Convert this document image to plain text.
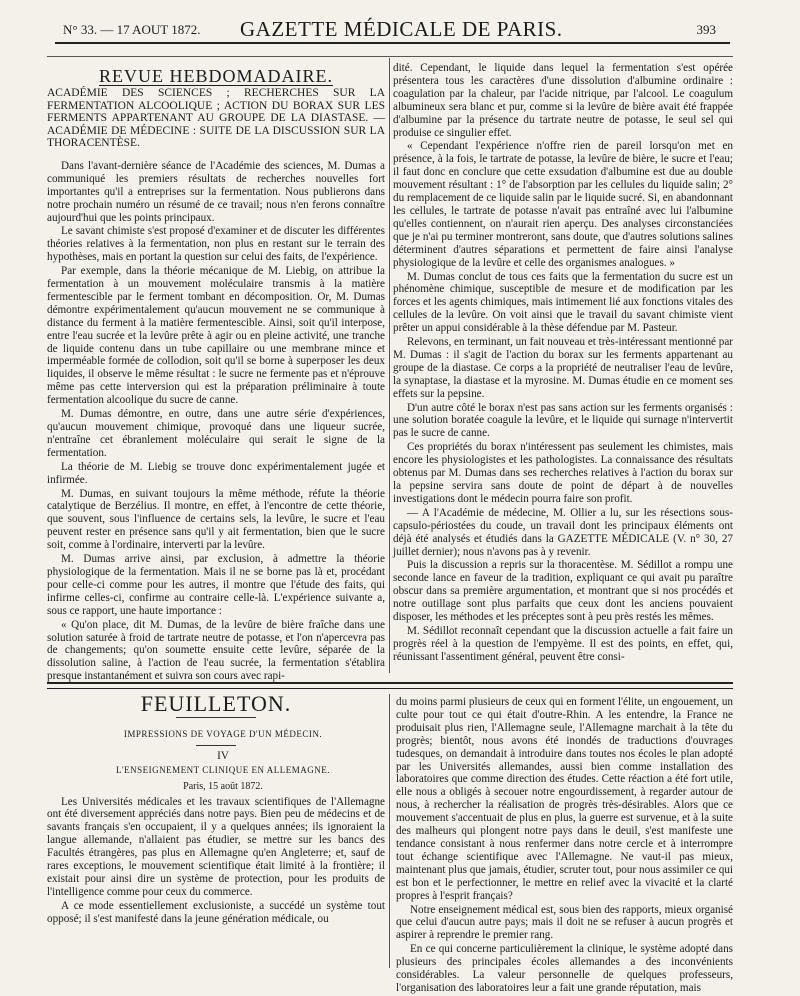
N° 33. — 17 AOUT 1872. GAZETTE MÉDICALE DE PARIS.	393
REVUE HEBDOMADAIRE.
ACADÉMIE DES SCIENCES ; RECHERCHES SUR LA FERMENTATION ALCOOLIQUE ; ACTION DU BORAX SUR LES FERMENTS APPARTENANT AU GROUPE DE LA DIASTASE. — ACADÉMIE DE MÉDECINE : SUITE DE LA DISCUSSION SUR LA THORACENTÈSE.

Dans l'avant-dernière séance de l'Académie des sciences, M. Dumas a communiqué les premiers résultats de recherches nouvelles fort importantes qu'il a entreprises sur la fermentation. Nous publierons dans notre prochain numéro un résumé de ce travail; nous n'en ferons connaître aujourd'hui que les points principaux.

Le savant chimiste s'est proposé d'examiner et de discuter les différentes théories relatives à la fermentation, non plus en restant sur le terrain des hypothèses, mais en portant la question sur celui des faits, de l'expérience.

Par exemple, dans la théorie mécanique de M. Liebig, on attribue la fermentation à un mouvement moléculaire transmis à la matière fermentescible par le ferment tombant en décomposition. Or, M. Dumas démontre expérimentalement qu'aucun mouvement ne se communique à distance du ferment à la matière fermentescible. Ainsi, soit qu'il interpose, entre l'eau sucrée et la levûre prête à agir ou en pleine activité, une tranche de liquide contenu dans un tube capillaire ou une membrane mince et imperméable formée de collodion, soit qu'il se borne à superposer les deux liquides, il observe le même résultat : le sucre ne fermente pas et n'éprouve même pas cette interversion qui est la préparation préliminaire à toute fermentation alcoolique du sucre de canne.

M. Dumas démontre, en outre, dans une autre série d'expériences, qu'aucun mouvement chimique, provoqué dans une liqueur sucrée, n'entraîne cet ébranlement moléculaire qui serait le signe de la fermentation.

La théorie de M. Liebig se trouve donc expérimentalement jugée et infirmée.

M. Dumas, en suivant toujours la même méthode, réfute la théorie catalytique de Berzélius. Il montre, en effet, à l'encontre de cette théorie, que souvent, sous l'influence de certains sels, la levûre, le sucre et l'eau peuvent rester en présence sans qu'il y ait fermentation, bien que le sucre soit, comme à l'ordinaire, interverti par la levûre.

M. Dumas arrive ainsi, par exclusion, à admettre la théorie physiologique de la fermentation. Mais il ne se borne pas là et, procédant pour celle-ci comme pour les autres, il montre que l'étude des faits, qui infirme celles-ci, confirme au contraire celle-là. L'expérience suivante a, sous ce rapport, une haute importance :

« Qu'on place, dit M. Dumas, de la levûre de bière fraîche dans une solution saturée à froid de tartrate neutre de potasse, et l'on n'apercevra pas de changements; qu'on soumette ensuite cette levûre, séparée de la dissolution saline, à l'action de l'eau sucrée, la fermentation s'établira presque instantanément et suivra son cours avec rapi-

dité. Cependant, le liquide dans lequel la fermentation s'est opérée présentera tous les caractères d'une dissolution d'albumine ordinaire : coagulation par la chaleur, par l'acide nitrique, par l'alcool. Le coagulum albumineux sera blanc et pur, comme si la levûre de bière avait été frappée d'albumine par la présence du tartrate neutre de potasse, le seul sel qui produise ce singulier effet.

« Cependant l'expérience n'offre rien de pareil lorsqu'on met en présence, à la fois, le tartrate de potasse, la levûre de bière, le sucre et l'eau; il faut donc en conclure que cette exsudation d'albumine est due au double mouvement résultant : 1° de l'absorption par les cellules du liquide salin; 2° du remplacement de ce liquide salin par le liquide sucré. Si, en abandonnant les cellules, le tartrate de potasse n'avait pas entraîné avec lui l'albumine qu'elles contiennent, on n'aurait rien aperçu. Des analyses circonstanciées que je n'ai pu terminer montreront, sans doute, que d'autres solutions salines déterminent d'autres séparations et permettent de faire ainsi l'analyse physiologique de la levûre et celle des organismes analogues. »

M. Dumas conclut de tous ces faits que la fermentation du sucre est un phénomène chimique, susceptible de mesure et de modification par les forces et les agents chimiques, mais intimement lié aux fonctions vitales des cellules de la levûre. On voit ainsi que le travail du savant chimiste vient prêter un appui considérable à la thèse défendue par M. Pasteur.

Relevons, en terminant, un fait nouveau et très-intéressant mentionné par M. Dumas : il s'agit de l'action du borax sur les ferments appartenant au groupe de la diastase. Ce corps a la propriété de neutraliser l'eau de levûre, la synaptase, la diastase et la myrosine. M. Dumas étudie en ce moment ses effets sur la pepsine.

D'un autre côté le borax n'est pas sans action sur les ferments organisés : une solution boratée coagule la levûre, et le liquide qui surnage n'intervertit pas le sucre de canne.

Ces propriétés du borax n'intéressent pas seulement les chimistes, mais encore les physiologistes et les pathologistes. La connaissance des résultats obtenus par M. Dumas dans ses recherches relatives à l'action du borax sur la pepsine servira sans doute de point de départ à de nouvelles investigations dont le médecin pourra faire son profit.

— A l'Académie de médecine, M. Ollier a lu, sur les résections sous-capsulo-périostées du coude, un travail dont les principaux éléments ont déjà été analysés et étudiés dans la GAZETTE MÉDICALE (V. n° 30, 27 juillet dernier); nous n'avons pas à y revenir.

Puis la discussion a repris sur la thoracentèse. M. Sédillot a rompu une seconde lance en faveur de la tradition, expliquant ce qui avait pu paraître obscur dans sa première argumentation, et montrant que si nos procédés et notre outillage sont plus parfaits que ceux dont les anciens pouvaient disposer, les méthodes et les préceptes sont à peu près restés les mêmes.

M. Sédillot reconnaît cependant que la discussion actuelle a fait faire un progrès réel à la question de l'empyème. Il est des points, en effet, qui, réunissant l'assentiment général, peuvent être consi-

FEUILLETON.

IMPRESSIONS DE VOYAGE D'UN MÉDECIN.

IV

L'ENSEIGNEMENT CLINIQUE EN ALLEMAGNE.

Paris, 15 août 1872.

Les Universités médicales et les travaux scientifiques de l'Allemagne ont été diversement appréciés dans notre pays. Bien peu de médecins et de savants français s'en occupaient, il y a quelques années; ils ignoraient la langue allemande, n'allaient pas étudier, se mettre sur les bancs des Facultés étrangères, pas plus en Allemagne qu'en Angleterre; et, sauf de rares exceptions, le mouvement scientifique était limité à la frontière; il existait pour ainsi dire un système de protection, pour les produits de l'intelligence comme pour ceux du commerce.

A ce mode essentiellement exclusioniste, a succédé un système tout opposé; il s'est manifesté dans la jeune génération médicale, ou

du moins parmi plusieurs de ceux qui en forment l'élite, un engouement, un culte pour tout ce qui était d'outre-Rhin. A les entendre, la France ne produisait plus rien, l'Allemagne seule, l'Allemagne marchait à la tête du progrès; bientôt, nous avons été inondés de traductions d'ouvrages tudesques, on demandait à introduire dans toutes nos écoles le plan adopté par les Universités allemandes, aussi bien comme installation des laboratoires que comme direction des études. Cette réaction a été fort utile, elle nous a obligés à secouer notre engourdissement, à regarder autour de nous, à rechercher la réalisation de progrès très-désirables. Alors que ce mouvement s'accentuait de plus en plus, la guerre est survenue, et à la suite des malheurs qui plongent notre pays dans le deuil, s'est manifeste une tendance consistant à nous renfermer dans notre cercle et à interrompre tout échange scientifique avec l'Allemagne. Ne vaut-il pas mieux, maintenant plus que jamais, étudier, scruter tout, pour nous assimiler ce qui est bon et le perfectionner, le mettre en relief avec la vivacité et la clarté propres à l'esprit français?

Notre enseignement médical est, sous bien des rapports, mieux organisé que celui d'aucun autre pays; mais il doit ne se refuser à aucun progrès et aspirer à reprendre le premier rang.

En ce qui concerne particulièrement la clinique, le système adopté dans plusieurs des principales écoles allemandes a des inconvénients considérables. La valeur personnelle de quelques professeurs, l'organisation des laboratoires leur a fait une grande réputation, mais
